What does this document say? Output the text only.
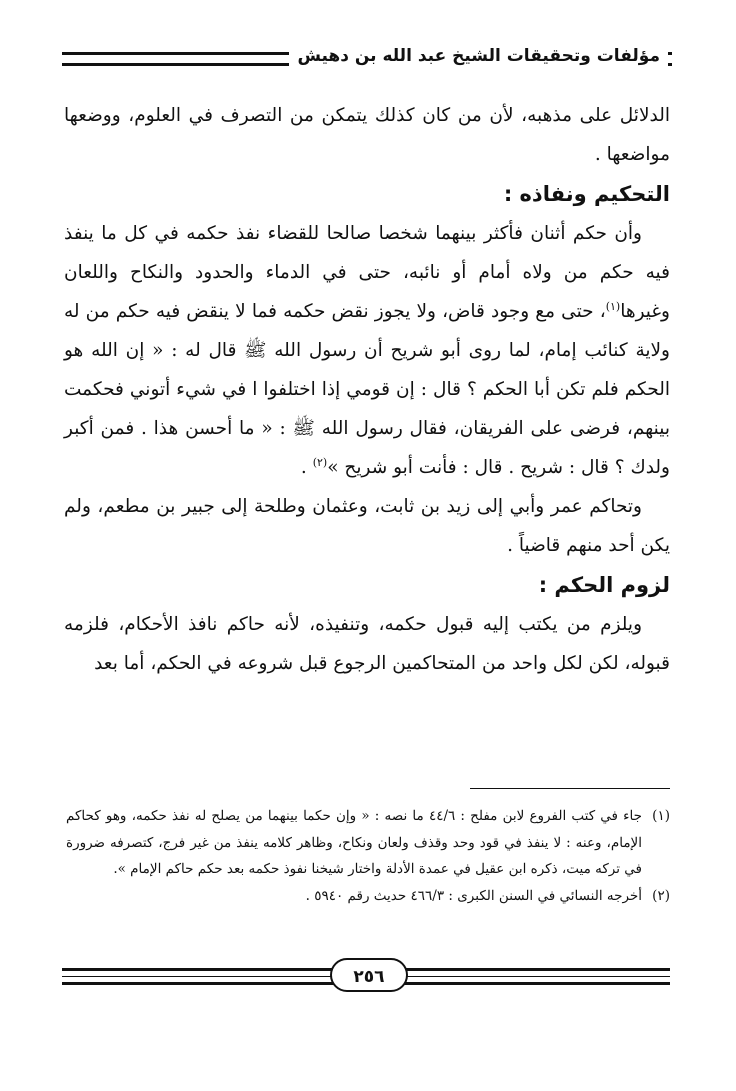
مؤلفات وتحقيقات الشيخ عبد الله بن دهيش

الدلائل على مذهبه، لأن من كان كذلك يتمكن من التصرف في العلوم، ووضعها مواضعها .

التحكيم ونفاذه :

وأن حكم أثنان فأكثر بينهما شخصا صالحا للقضاء نفذ حكمه في كل ما ينفذ فيه حكم من ولاه أمام أو نائبه، حتى في الدماء والحدود والنكاح واللعان وغيرها$^{(١)}$، حتى مع وجود قاض، ولا يجوز نقض حكمه فما لا ينقض فيه حكم من له ولاية كنائب إمام، لما روى أبو شريح أن رسول الله ﷺ قال له : « إن الله هو الحكم فلم تكن أبا الحكم ؟ قال : إن قومي إذا اختلفوا ا في شيء أتوني فحكمت بينهم، فرضى على الفريقان، فقال رسول الله ﷺ : « ما أحسن هذا . فمن أكبر ولدك ؟ قال : شريح . قال : فأنت أبو شريح »$^{(٢)}$ .

وتحاكم عمر وأبي إلى زيد بن ثابت، وعثمان وطلحة إلى جبير بن مطعم، ولم يكن أحد منهم قاضياً .

لزوم الحكم :

ويلزم من يكتب إليه قبول حكمه، وتنفيذه، لأنه حاكم نافذ الأحكام، فلزمه قبوله، لكن لكل واحد من المتحاكمين الرجوع قبل شروعه في الحكم، أما بعد

(١)
جاء في كتب الفروع لابن مفلح : ٤٤/٦ ما نصه : « وإن حكما بينهما من يصلح له نفذ حكمه، وهو كحاكم الإمام، وعنه : لا ينفذ في قود وحد وقذف ولعان ونكاح، وظاهر كلامه ينفذ من غير فرج، كتصرفه ضرورة في تركه ميت، ذكره ابن عقيل في عمدة الأدلة واختار شيخنا نفوذ حكمه بعد حكم حاكم الإمام ».

(٢)
أخرجه النسائي في السنن الكبرى : ٤٦٦/٣ حديث رقم ٥٩٤٠ .

٢٥٦
